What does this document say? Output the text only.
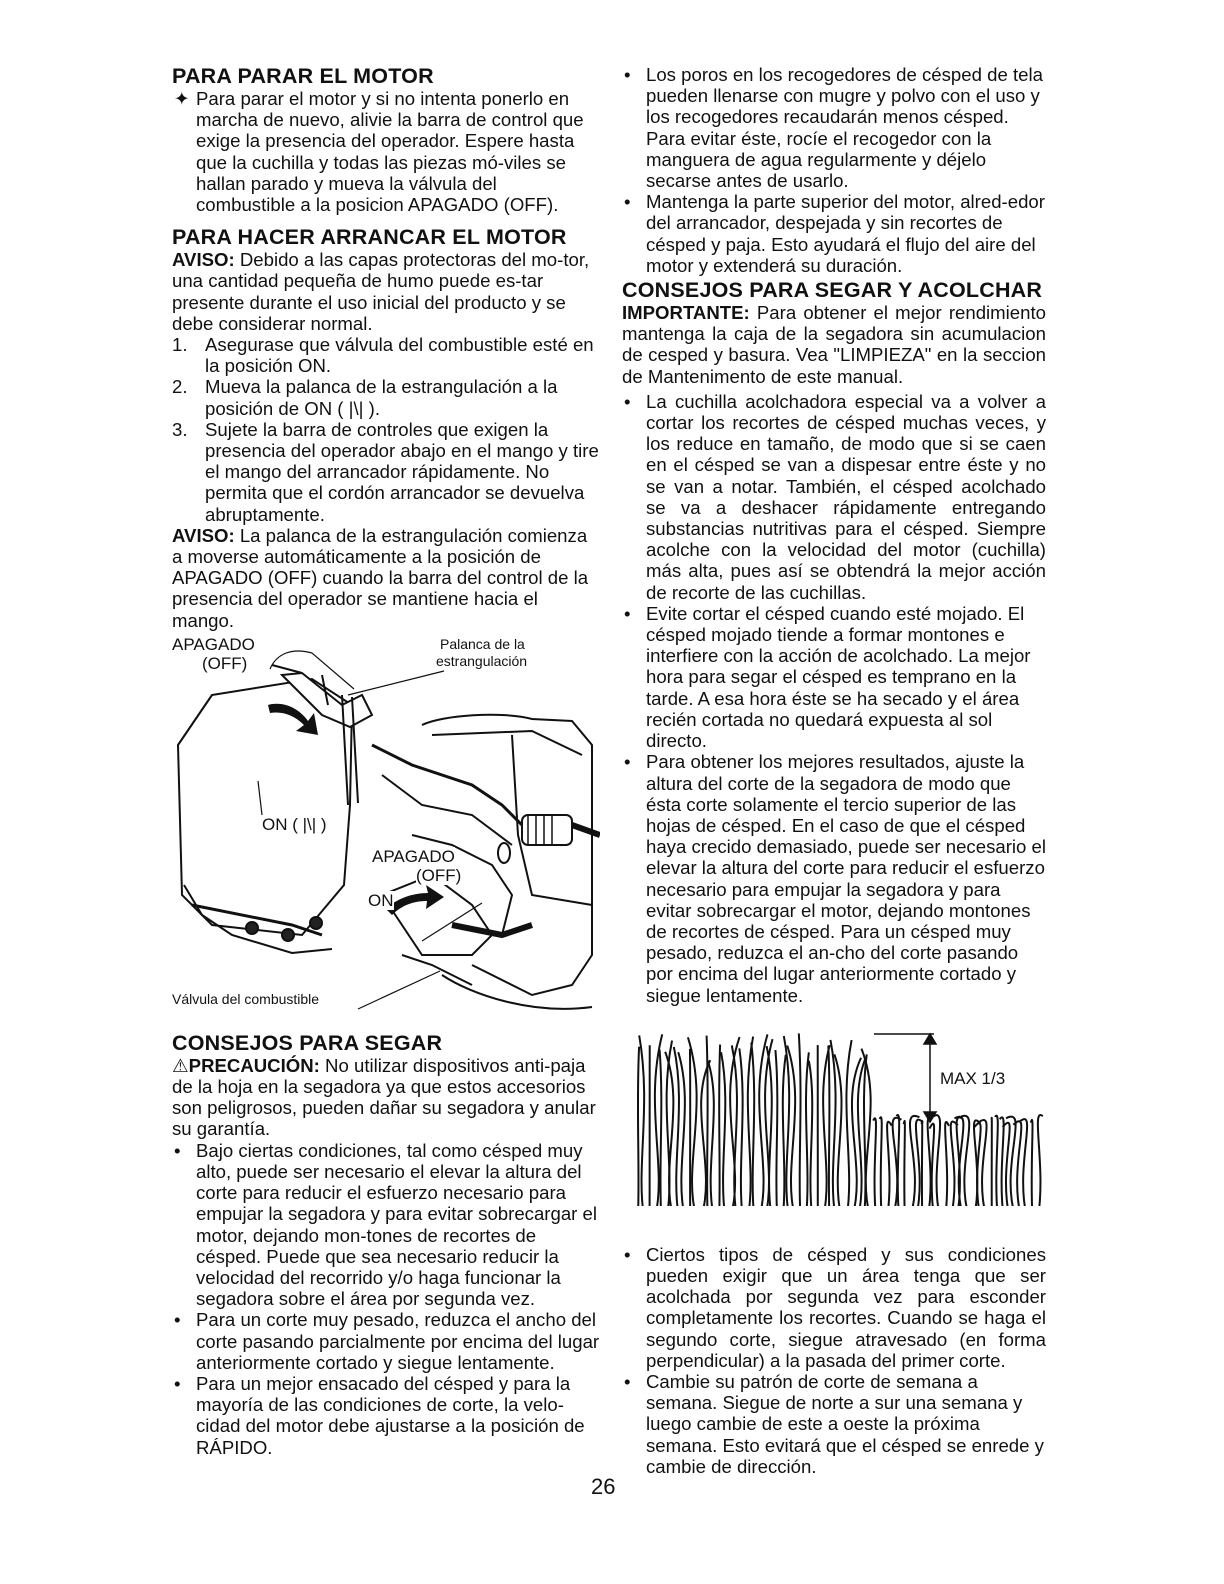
PARA PARAR EL MOTOR
✦ Para parar el motor y si no intenta ponerlo en marcha de nuevo, alivie la barra de control que exige la presencia del operador. Espere hasta que la cuchilla y todas las piezas mó-viles se hallan parado y mueva la válvula del combustible a la posicion APAGADO (OFF).

PARA HACER ARRANCAR EL MOTOR

AVISO: Debido a las capas protectoras del mo-tor, una cantidad pequeña de humo puede es-tar presente durante el uso inicial del producto y se debe considerar normal.

1. Asegurase que válvula del combustible esté en la posición ON.

2. Mueva la palanca de la estrangulación a la posición de ON ( |\| ).

3. Sujete la barra de controles que exigen la presencia del operador abajo en el mango y tire el mango del arrancador rápidamente. No permita que el cordón arrancador se devuelva abruptamente.

AVISO: La palanca de la estrangulación comienza a moverse automáticamente a la posición de APAGADO (OFF) cuando la barra del control de la presencia del operador se mantiene hacia el mango.

APAGADO
(OFF)
Palanca de la
estrangulación
ON ( |\| )
APAGADO
(OFF)
ON
Válvula del combustible
CONSEJOS PARA SEGAR

⚠PRECAUCIÓN: No utilizar dispositivos anti-paja de la hoja en la segadora ya que estos accesorios son peligrosos, pueden dañar su segadora y anular su garantía.

• Bajo ciertas condiciones, tal como césped muy alto, puede ser necesario el elevar la altura del corte para reducir el esfuerzo necesario para empujar la segadora y para evitar sobrecargar el motor, dejando mon-tones de recortes de césped. Puede que sea necesario reducir la velocidad del recorrido y/o haga funcionar la segadora sobre el área por segunda vez.

• Para un corte muy pesado, reduzca el ancho del corte pasando parcialmente por encima del lugar anteriormente cortado y siegue lentamente.

• Para un mejor ensacado del césped y para la mayoría de las condiciones de corte, la velo-cidad del motor debe ajustarse a la posición de RÁPIDO.

• Los poros en los recogedores de césped de tela pueden llenarse con mugre y polvo con el uso y los recogedores recaudarán menos césped. Para evitar éste, rocíe el recogedor con la manguera de agua regularmente y déjelo secarse antes de usarlo.

• Mantenga la parte superior del motor, alred-edor del arrancador, despejada y sin recortes de césped y paja. Esto ayudará el flujo del aire del motor y extenderá su duración.

CONSEJOS PARA SEGAR Y ACOLCHAR

IMPORTANTE: Para obtener el mejor rendimiento mantenga la caja de la segadora sin acumulacion de cesped y basura. Vea "LIMPIEZA" en la seccion de Mantenimento de este manual.

• La cuchilla acolchadora especial va a volver a cortar los recortes de césped muchas veces, y los reduce en tamaño, de modo que si se caen en el césped se van a dispesar entre éste y no se van a notar. También, el césped acolchado se va a deshacer rápidamente entregando substancias nutritivas para el césped. Siempre acolche con la velocidad del motor (cuchilla) más alta, pues así se obtendrá la mejor acción de recorte de las cuchillas.

• Evite cortar el césped cuando esté mojado. El césped mojado tiende a formar montones e interfiere con la acción de acolchado. La mejor hora para segar el césped es temprano en la tarde. A esa hora éste se ha secado y el área recién cortada no quedará expuesta al sol directo.

• Para obtener los mejores resultados, ajuste la altura del corte de la segadora de modo que ésta corte solamente el tercio superior de las hojas de césped. En el caso de que el césped haya crecido demasiado, puede ser necesario el elevar la altura del corte para reducir el esfuerzo necesario para empujar la segadora y para evitar sobrecargar el motor, dejando montones de recortes de césped. Para un césped muy pesado, reduzca el an-cho del corte pasando por encima del lugar anteriormente cortado y siegue lentamente.

MAX 1/3
• Ciertos tipos de césped y sus condiciones pueden exigir que un área tenga que ser acolchada por segunda vez para esconder completamente los recortes. Cuando se haga el segundo corte, siegue atravesado (en forma perpendicular) a la pasada del primer corte.

• Cambie su patrón de corte de semana a semana. Siegue de norte a sur una semana y luego cambie de este a oeste la próxima semana. Esto evitará que el césped se enrede y cambie de dirección.

26
